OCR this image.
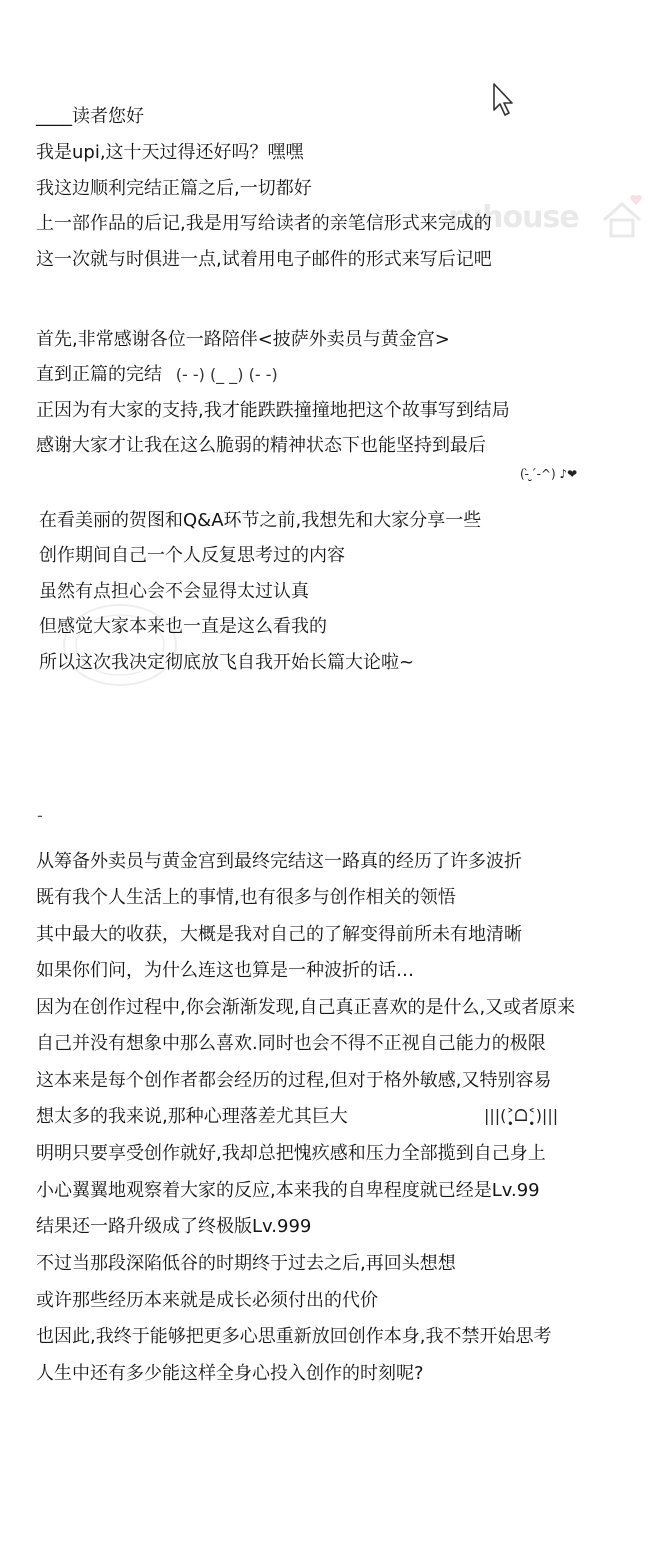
ruhouse
____读者您好
我是upi,这十天过得还好吗？嘿嘿
我这边顺利完结正篇之后,一切都好
上一部作品的后记,我是用写给读者的亲笔信形式来完成的
这一次就与时俱进一点,试着用电子邮件的形式来写后记吧
首先,非常感谢各位一路陪伴<披萨外卖员与黄金宫>
直到正篇的完结 (- -) (_ _) (- -)
正因为有大家的支持,我才能跌跌撞撞地把这个故事写到结局
感谢大家才让我在这么脆弱的精神状态下也能坚持到最后
(-̀ ̮ ́-^) ♪❤
在看美丽的贺图和Q&A环节之前,我想先和大家分享一些
创作期间自己一个人反复思考过的内容
虽然有点担心会不会显得太过认真
但感觉大家本来也一直是这么看我的
所以这次我决定彻底放飞自我开始长篇大论啦~
-
从筹备外卖员与黄金宫到最终完结这一路真的经历了许多波折
既有我个人生活上的事情,也有很多与创作相关的领悟
其中最大的收获，大概是我对自己的了解变得前所未有地清晰
如果你们问，为什么连这也算是一种波折的话…
因为在创作过程中,你会渐渐发现,自己真正喜欢的是什么,又或者原来
自己并没有想象中那么喜欢.同时也会不得不正视自己能力的极限
这本来是每个创作者都会经历的过程,但对于格外敏感,又特别容易
想太多的我来说,那种心理落差尤其巨大	|||(˃̣̣̥ᗝ˂̣̣̥)|||
明明只要享受创作就好,我却总把愧疚感和压力全部揽到自己身上
小心翼翼地观察着大家的反应,本来我的自卑程度就已经是Lv.99
结果还一路升级成了终极版Lv.999
不过当那段深陷低谷的时期终于过去之后,再回头想想
或许那些经历本来就是成长必须付出的代价
也因此,我终于能够把更多心思重新放回创作本身,我不禁开始思考
人生中还有多少能这样全身心投入创作的时刻呢?
